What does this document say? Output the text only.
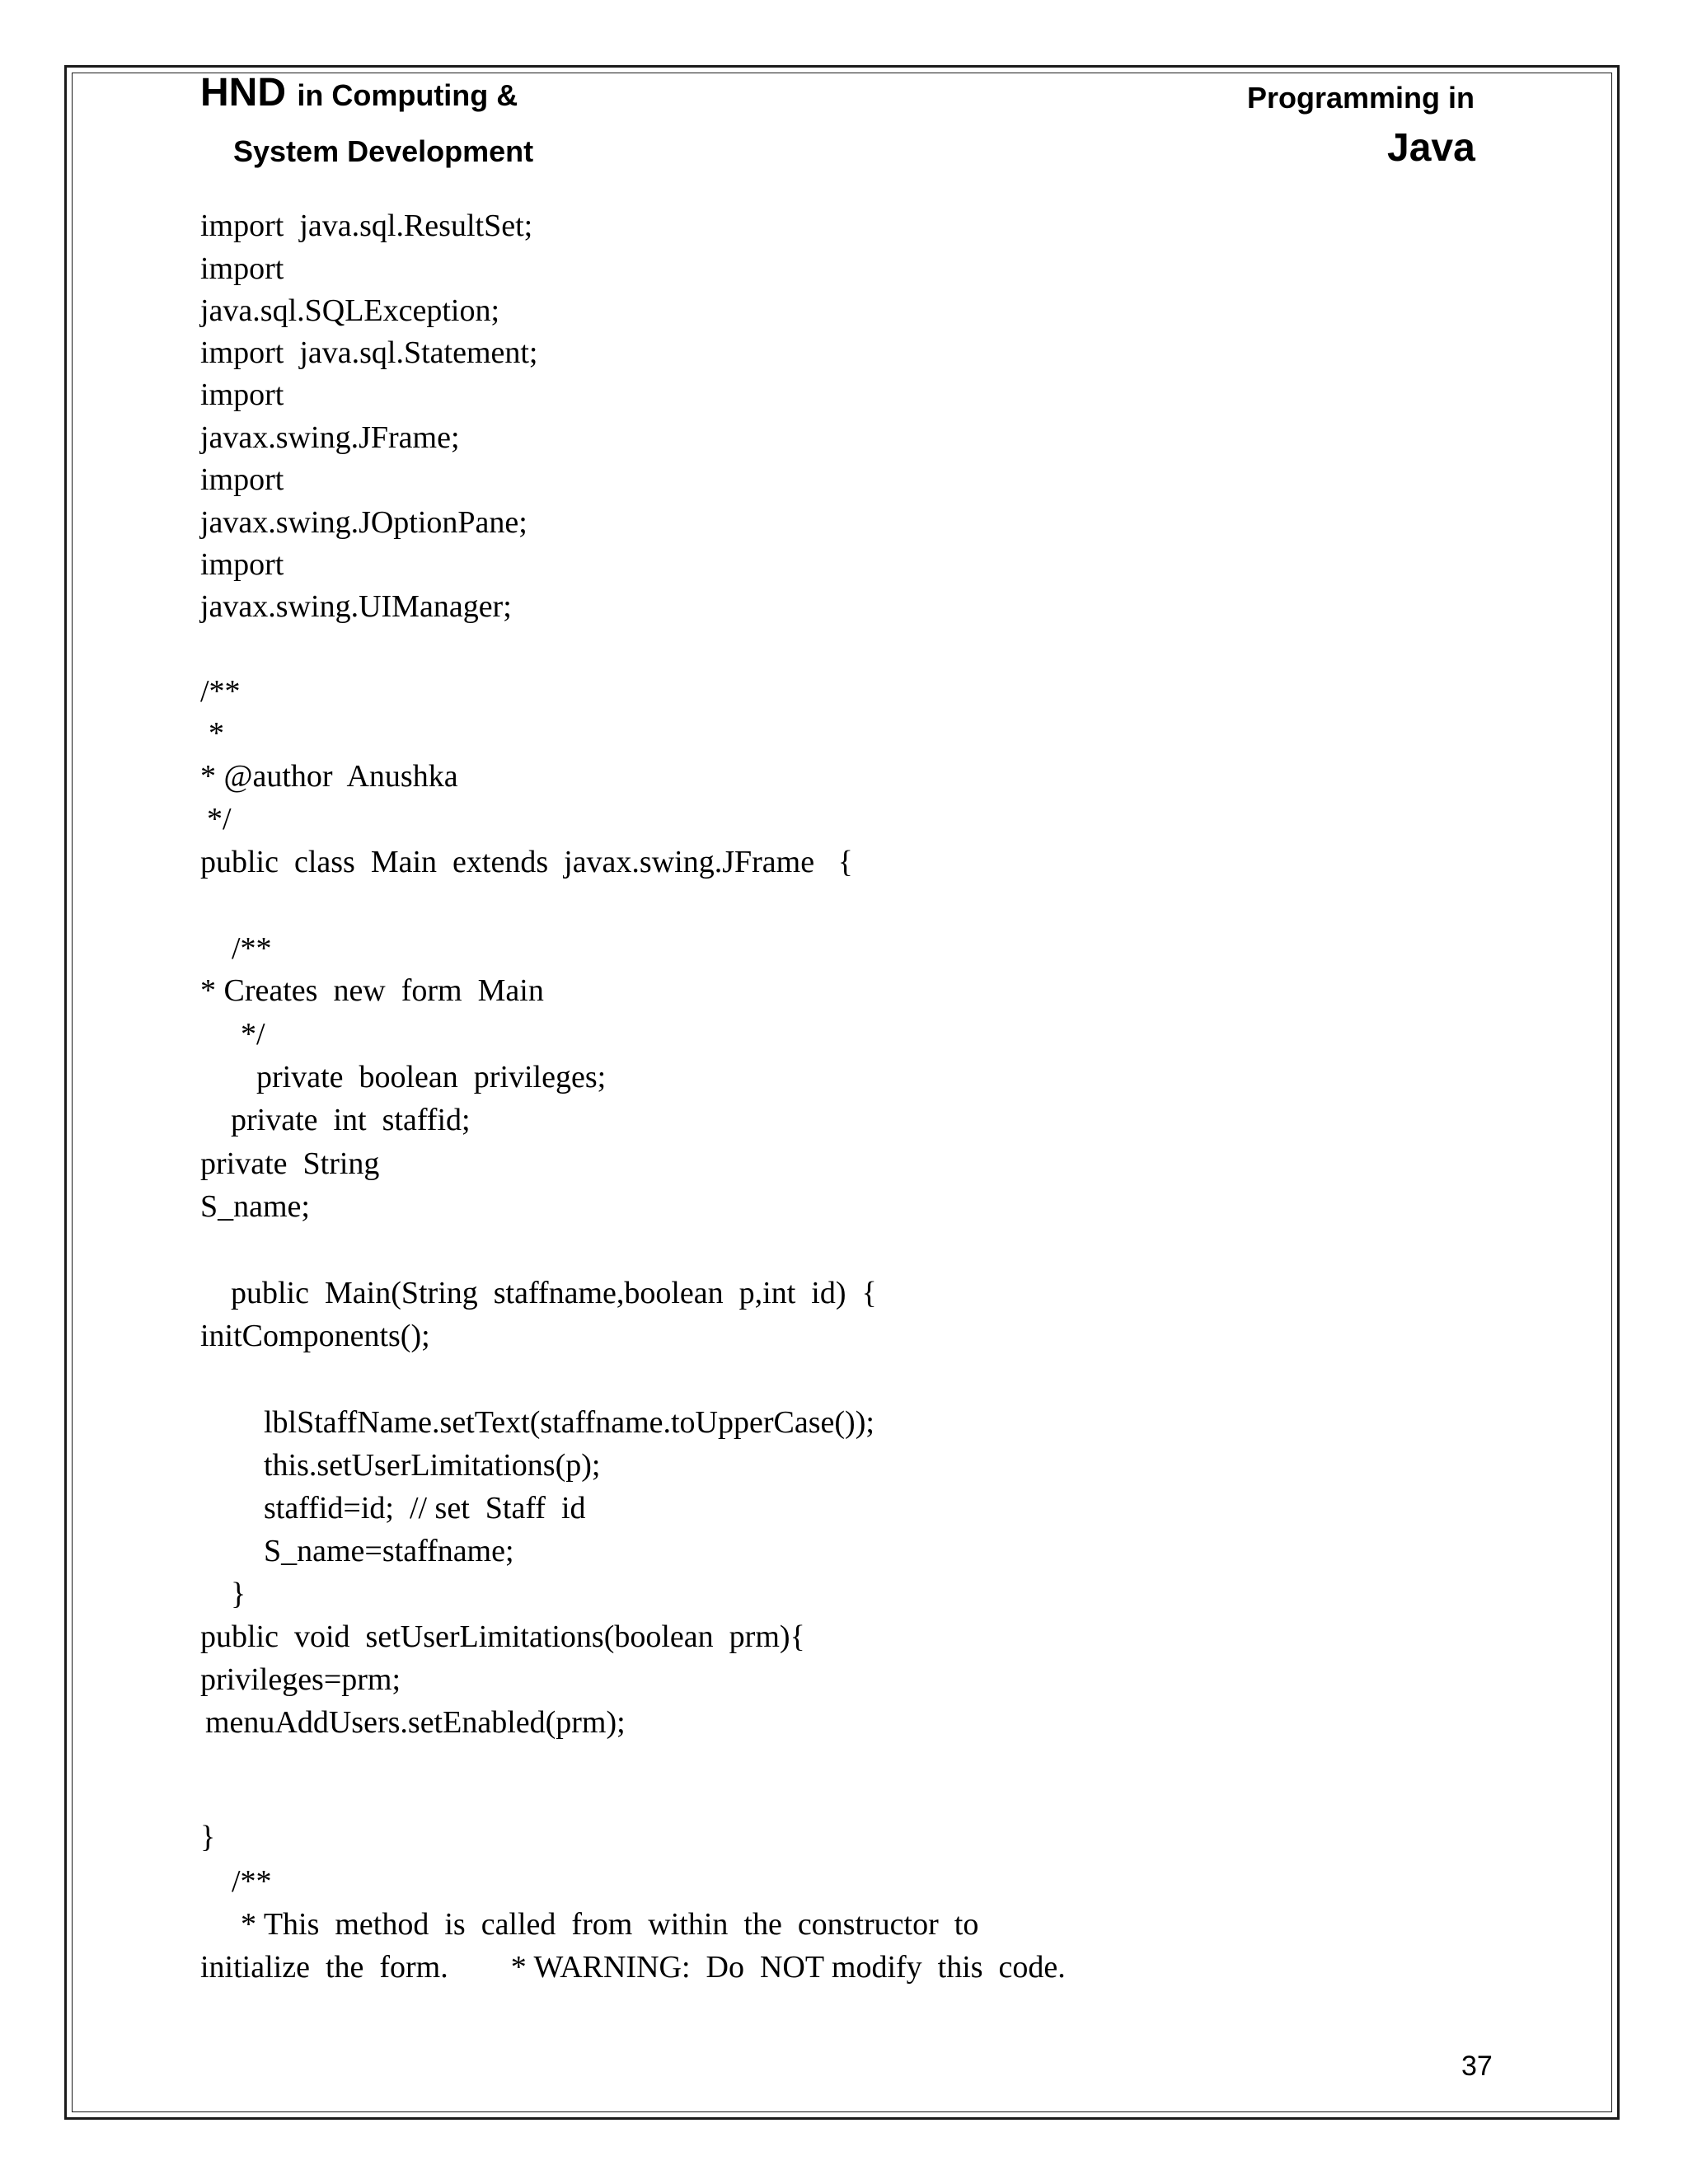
HND in Computing &
System Development
Programming in
Java
import  java.sql.ResultSet;
import
java.sql.SQLException;
import  java.sql.Statement;
import
javax.swing.JFrame;
import
javax.swing.JOptionPane;
import
javax.swing.UIManager;
/**
*
* @author  Anushka
*/
public  class  Main  extends  javax.swing.JFrame   {
/**
* Creates  new  form  Main
*/
private  boolean  privileges;
private  int  staffid;
private  String
S_name;
public  Main(String  staffname,boolean  p,int  id)  {
initComponents();
lblStaffName.setText(staffname.toUpperCase());
this.setUserLimitations(p);
staffid=id;  // set  Staff  id
S_name=staffname;
}
public  void  setUserLimitations(boolean  prm){
privileges=prm;
menuAddUsers.setEnabled(prm);
}
/**
* This  method  is  called  from  within  the  constructor  to
initialize  the  form.        * WARNING:  Do  NOT modify  this  code.
37
